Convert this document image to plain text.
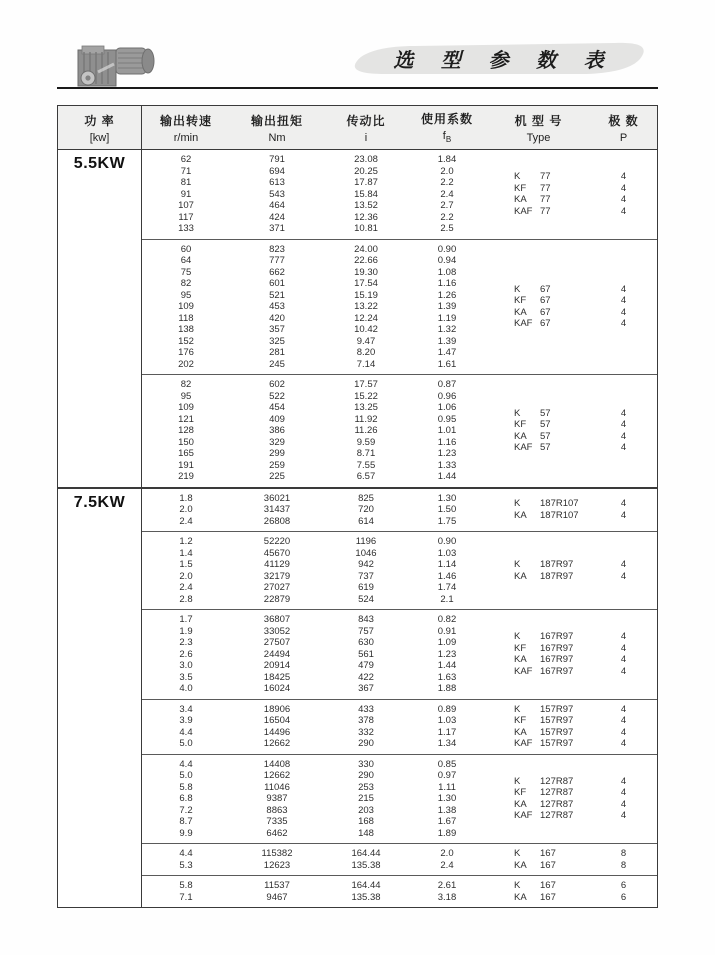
选 型 参 数 表
功 率
[kw]
输出转速
r/min
输出扭矩
Nm
传动比
i
使用系数
$f_B$
机 型 号
Type
极 数
P
5.5KW	62
71
81
91
107
117
133
791
694
613
543
464
424
371
23.08
20.25
17.87
15.84
13.52
12.36
10.81
1.84
2.0
2.2
2.4
2.7
2.2
2.5
K 77
KF 77
KA 77
KAF 77
4
4
4
4
60
64
75
82
95
109
118
138
152
176
202
823
777
662
601
521
453
420
357
325
281
245
24.00
22.66
19.30
17.54
15.19
13.22
12.24
10.42
9.47
8.20
7.14
0.90
0.94
1.08
1.16
1.26
1.39
1.19
1.32
1.39
1.47
1.61
K 67
KF 67
KA 67
KAF 67
4
4
4
4
82
95
109
121
128
150
165
191
219
602
522
454
409
386
329
299
259
225
17.57
15.22
13.25
11.92
11.26
9.59
8.71
7.55
6.57
0.87
0.96
1.06
0.95
1.01
1.16
1.23
1.33
1.44
K 57
KF 57
KA 57
KAF 57
4
4
4
4
7.5KW	1.8
2.0
2.4
36021
31437
26808
825
720
614
1.30
1.50
1.75
K 187R107
KA 187R107
4
4
1.2
1.4
1.5
2.0
2.4
2.8
52220
45670
41129
32179
27027
22879
1196
1046
942
737
619
524
0.90
1.03
1.14
1.46
1.74
2.1
K 187R97
KA 187R97
4
4
1.7
1.9
2.3
2.6
3.0
3.5
4.0
36807
33052
27507
24494
20914
18425
16024
843
757
630
561
479
422
367
0.82
0.91
1.09
1.23
1.44
1.63
1.88
K 167R97
KF 167R97
KA 167R97
KAF 167R97
4
4
4
4
3.4
3.9
4.4
5.0
18906
16504
14496
12662
433
378
332
290
0.89
1.03
1.17
1.34
K 157R97
KF 157R97
KA 157R97
KAF 157R97
4
4
4
4
4.4
5.0
5.8
6.8
7.2
8.7
9.9
14408
12662
11046
9387
8863
7335
6462
330
290
253
215
203
168
148
0.85
0.97
1.11
1.30
1.38
1.67
1.89
K 127R87
KF 127R87
KA 127R87
KAF 127R87
4
4
4
4
4.4
5.3
115382
12623
164.44
135.38
2.0
2.4
K 167
KA 167
8
8
5.8
7.1
11537
9467
164.44
135.38
2.61
3.18
K 167
KA 167
6
6
